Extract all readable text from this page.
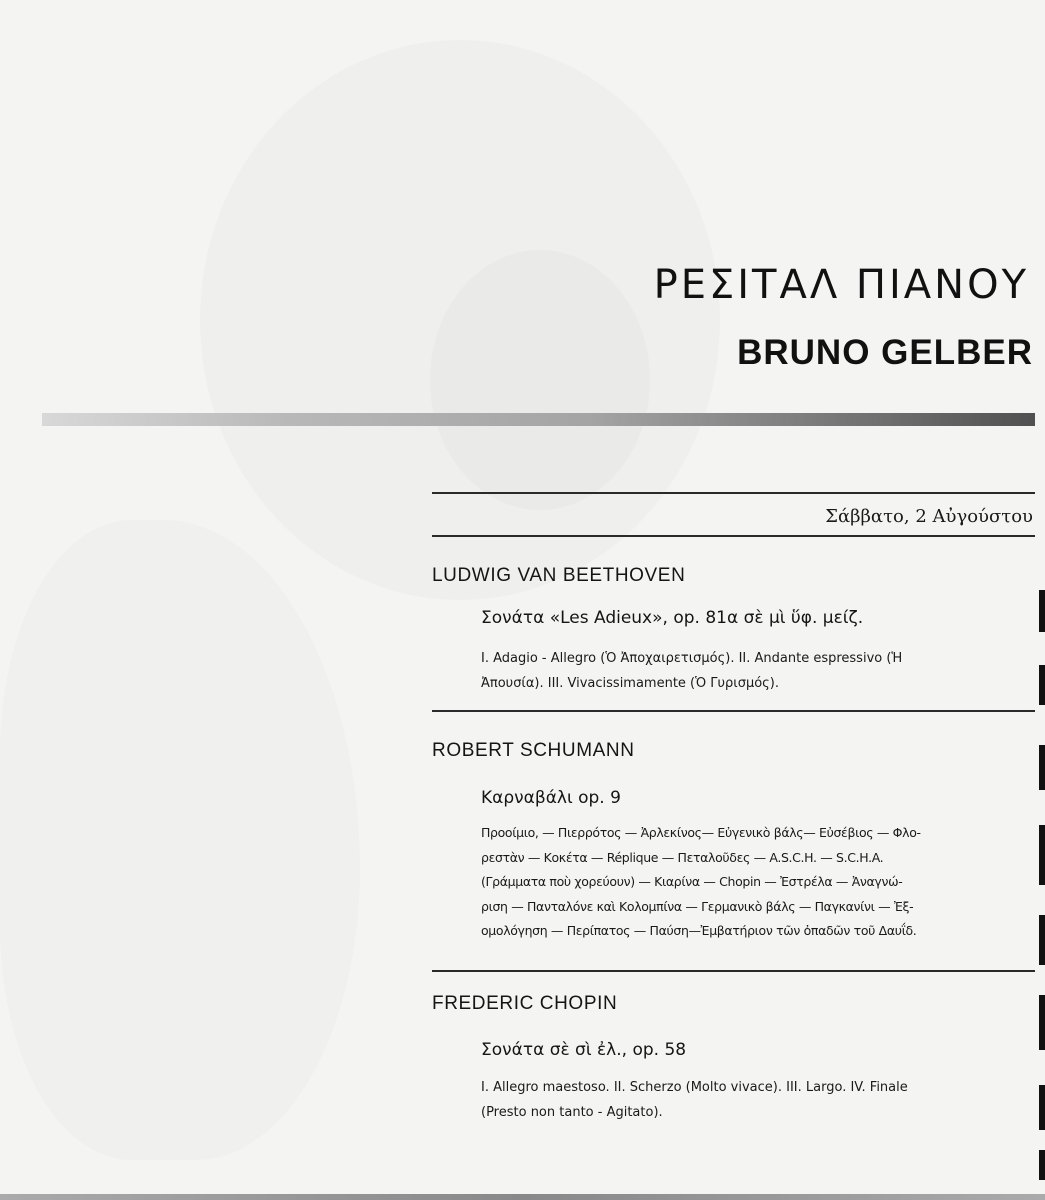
ΡΕΣΙΤΑΛ ΠΙΑΝΟΥ
BRUNO GELBER

Σάββατο, 2 Αὐγούστου

LUDWIG VAN BEETHOVEN

Σονάτα «Les Adieux», op. 81α σὲ μὶ ὕφ. μείζ.

I. Adagio - Allegro (Ὁ Ἀποχαιρετισμός). II. Andante espressivo (Ἡ
Ἀπουσία). III. Vivacissimamente (Ὁ Γυρισμός).

ROBERT SCHUMANN

Καρναβάλι op. 9

Προοίμιο, — Πιερρότος — Ἀρλεκίνος— Εὐγενικὸ βάλς— Εὐσέβιος — Φλο-
ρεστὰν — Κοκέτα — Réplique — Πεταλοῦδες — A.S.C.H. — S.C.H.A.
(Γράμματα ποὺ χορεύουν) — Κιαρίνα — Chopin — Ἐστρέλα — Ἀναγνώ-
ριση — Πανταλόνε καὶ Κολομπίνα — Γερμανικὸ βάλς — Παγκανίνι — Ἐξ-
ομολόγηση — Περίπατος — Παύση—Ἐμβατήριον τῶν ὀπαδῶν τοῦ Δαυΐδ.

FREDERIC CHOPIN

Σονάτα σὲ σὶ ἐλ., op. 58

I. Allegro maestoso. II. Scherzo (Molto vivace). III. Largo. IV. Finale
(Presto non tanto - Agitato).
